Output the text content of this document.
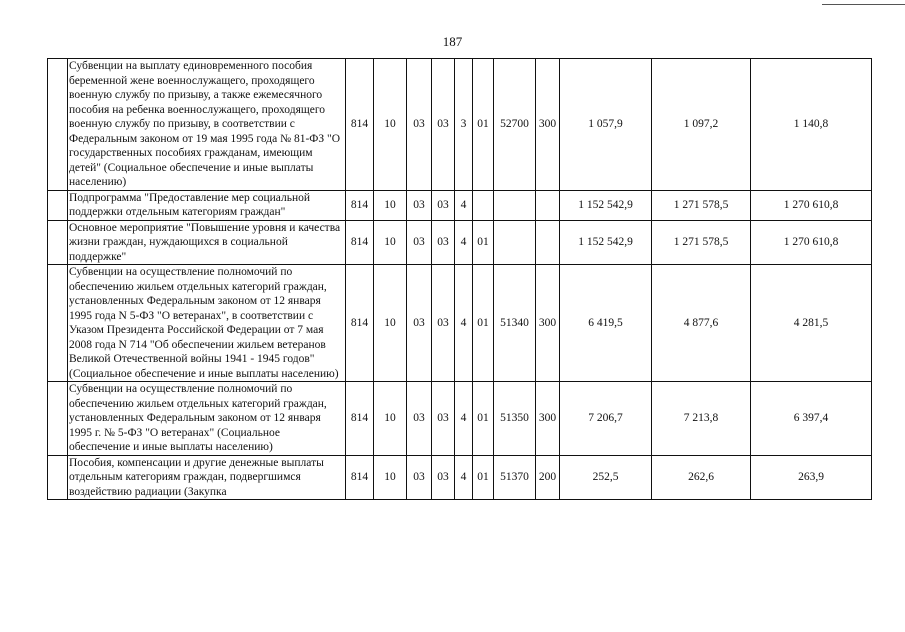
187
	Субвенции на выплату единовременного пособия беременной жене военнослужащего, проходящего военную службу по призыву, а также ежемесячного пособия на ребенка военнослужащего, проходящего военную службу по призыву, в соответствии с Федеральным законом от 19 мая 1995 года № 81-ФЗ "О государственных пособиях гражданам, имеющим детей" (Социальное обеспечение и иные выплаты населению)	814	10	03	03	3	01	52700	300	1 057,9	1 097,2	1 140,8
	Подпрограмма "Предоставление мер социальной поддержки отдельным категориям граждан"	814	10	03	03	4				1 152 542,9	1 271 578,5	1 270 610,8
	Основное мероприятие "Повышение уровня и качества жизни граждан, нуждающихся в социальной поддержке"	814	10	03	03	4	01			1 152 542,9	1 271 578,5	1 270 610,8
	Субвенции на осуществление полномочий по обеспечению жильем отдельных категорий граждан, установленных Федеральным законом от 12 января 1995 года N 5-ФЗ "О ветеранах", в соответствии с Указом Президента Российской Федерации от 7 мая 2008 года N 714 "Об обеспечении жильем ветеранов Великой Отечественной войны 1941 - 1945 годов" (Социальное обеспечение и иные выплаты населению)	814	10	03	03	4	01	51340	300	6 419,5	4 877,6	4 281,5
	Субвенции на осуществление полномочий по обеспечению жильем отдельных категорий граждан, установленных Федеральным законом от 12 января 1995 г. № 5-ФЗ "О ветеранах" (Социальное обеспечение и иные выплаты населению)	814	10	03	03	4	01	51350	300	7 206,7	7 213,8	6 397,4
	Пособия, компенсации и другие денежные выплаты отдельным категориям граждан, подвергшимся воздействию радиации (Закупка	814	10	03	03	4	01	51370	200	252,5	262,6	263,9
